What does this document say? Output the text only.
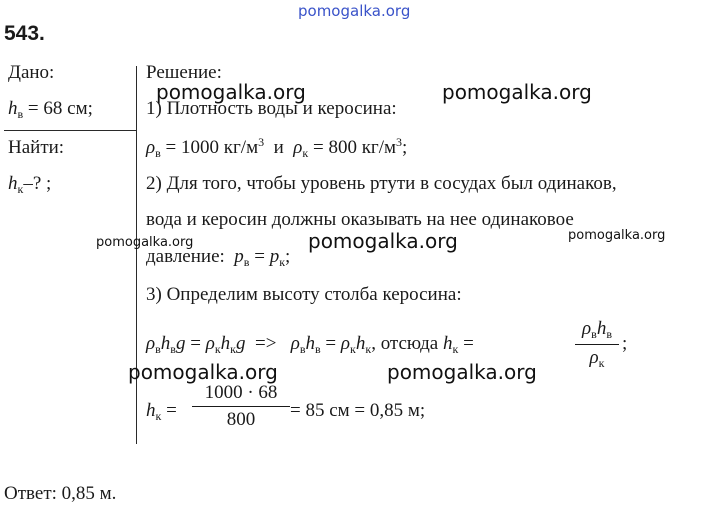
pomogalka.org
543.
Дано:
$h_в = 68$ см;
Найти:
$h_к-$? ;
Решение:
1) Плотность воды и керосина:
$\rho_в = 1000$ $кг/м^3$ и $\rho_к = 800$ $кг/м^3$;
2) Для того, чтобы уровень ртути в сосудах был одинаков,
вода и керосин должны оказывать на нее одинаковое
давление: $p_в = p_к$;
3) Определим высоту столба керосина:
$\rho_вh_вg = \rho_кh_кg => \rho_вh_в = \rho_кh_к$, отсюда $h_к$ =
$\rho_вh_в$
$\rho_к$
;
$h_к$ =
1000 · 68
800	= 85 см = 0,85 м;
Ответ: 0,85 м.
pomogalka.org	pomogalka.org
pomogalka.org	pomogalka.org	pomogalka.org
pomogalka.org	pomogalka.org
